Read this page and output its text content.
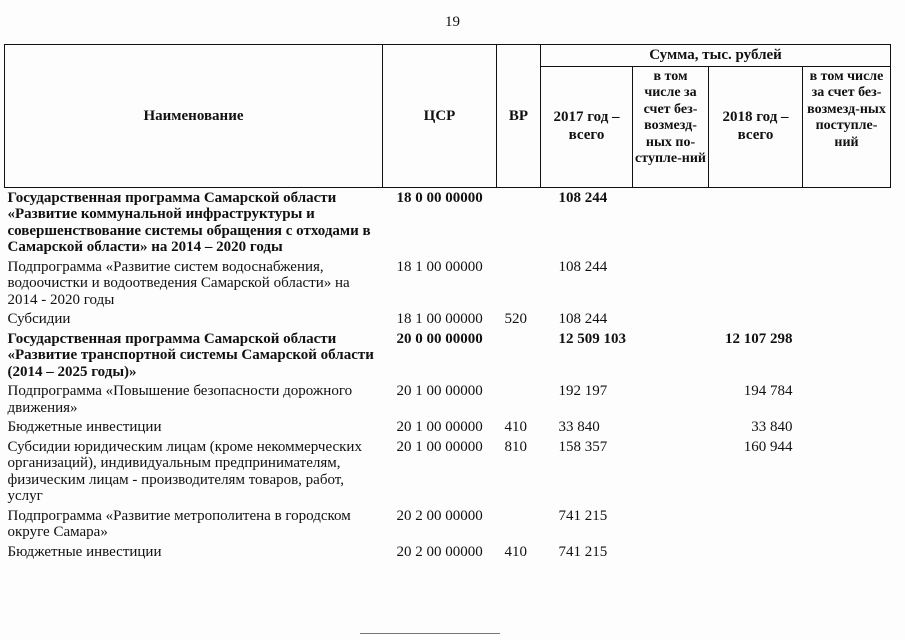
19
Наименование	ЦСР	ВР	Сумма, тыс. рублей			
			2017 год – всего	в том числе за счет без-возмезд-ных по-ступле-ний	2018 год – всего	в том числе за счет без-возмезд-ных поступле-ний
Государственная программа Самарской области «Развитие коммунальной инфраструктуры и совершенствование системы обращения с отходами в Самарской области» на 2014 – 2020 годы	18 0 00 00000		108 244			
Подпрограмма «Развитие систем водоснабжения, водоочистки и водоотведения Самарской области» на 2014 - 2020 годы	18 1 00 00000		108 244			
Субсидии	18 1 00 00000	520	108 244			
Государственная программа Самарской области «Развитие транспортной системы Самарской области (2014 – 2025 годы)»	20 0 00 00000		12 509 103		12 107 298	
Подпрограмма «Повышение безопасности дорожного движения»	20 1 00 00000		192 197		194 784	
Бюджетные инвестиции	20 1 00 00000	410	33 840		33 840	
Субсидии юридическим лицам (кроме некоммерческих организаций), индивидуальным предпринимателям, физическим лицам - производителям товаров, работ, услуг	20 1 00 00000	810	158 357		160 944	
Подпрограмма «Развитие метрополитена в городском округе Самара»	20 2 00 00000		741 215			
Бюджетные инвестиции	20 2 00 00000	410	741 215			
